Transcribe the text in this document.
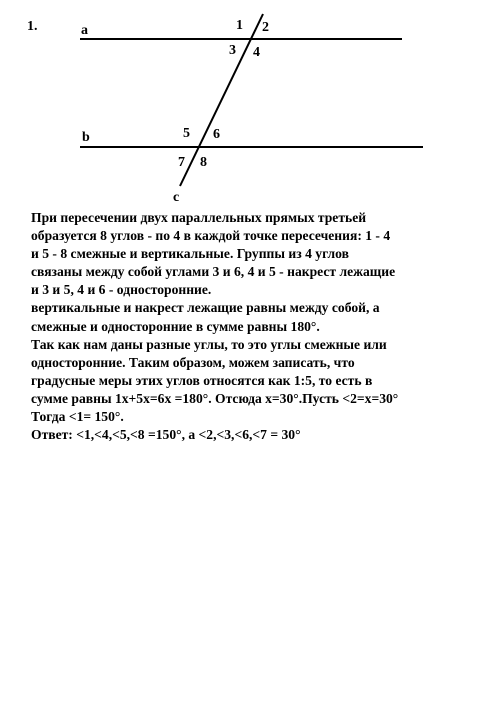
1.	a
b
c
1 2
3 4
5 6
7 8
При пересечении двух параллельных прямых третьей
образуется 8 углов - по 4 в каждой точке пересечения: 1 - 4
и 5 - 8 смежные и вертикальные. Группы из 4 углов
связаны между собой углами 3 и 6, 4 и 5 - накрест лежащие
и 3 и 5, 4 и 6 - односторонние.
вертикальные и накрест лежащие равны между собой, а
смежные и односторонние в сумме равны 180°.
Так как нам даны разные углы, то это углы смежные или
односторонние. Таким образом, можем записать, что
градусные меры этих углов относятся как 1:5, то есть в
сумме равны 1х+5х=6х =180°. Отсюда х=30°.Пусть <2=х=30°
Тогда <1= 150°.
Ответ: <1,<4,<5,<8 =150°, а <2,<3,<6,<7 = 30°
